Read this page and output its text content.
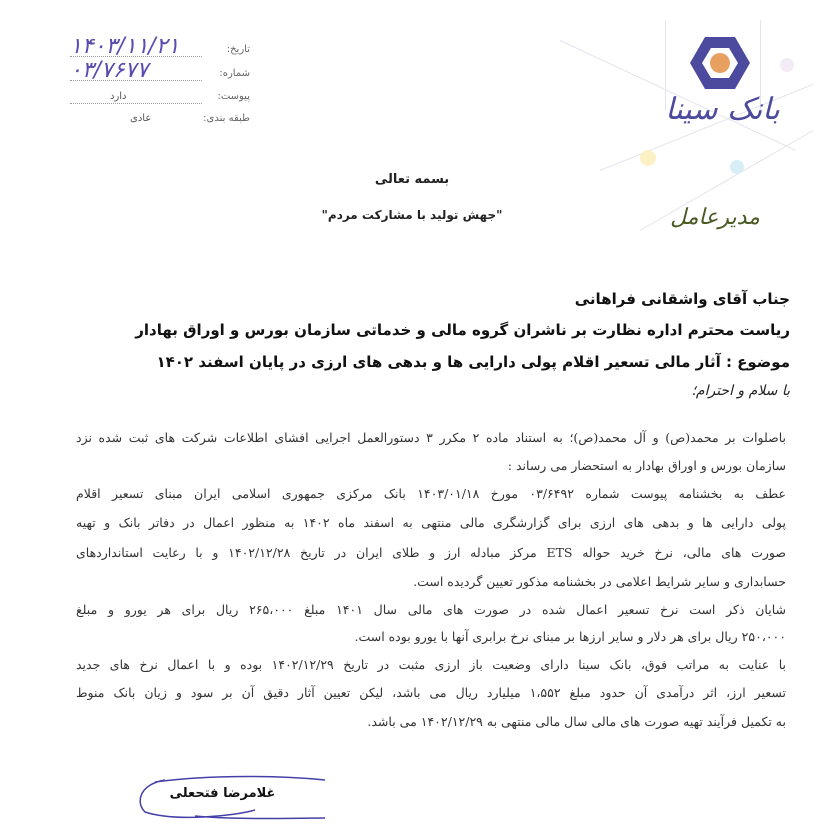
تاریخ:
۱۴۰۳/۱۱/۲۱
شماره:
۰۳/۷۶۷۷
پیوست:
دارد
طبقه بندی:
عادی	بانک سینا
مدیرعامل
بسمه تعالی
"جهش تولید با مشارکت مردم"
جناب آقای واشقانی فراهانی
ریاست محترم اداره نظارت بر ناشران گروه مالی و خدماتی سازمان بورس و اوراق بهادار
موضوع : آثار مالی تسعیر اقلام پولی دارایی ها و بدهی های ارزی در پایان اسفند ۱۴۰۲
با سلام و احترام؛
باصلوات بر محمد(ص) و آل محمد(ص)؛ به استناد ماده ۲ مکرر ۳ دستورالعمل اجرایی افشای اطلاعات شرکت های ثبت شده نزد
سازمان بورس و اوراق بهادار به استحضار می رساند :
عطف به بخشنامه پیوست شماره ۰۳/۶۴۹۲ مورخ ۱۴۰۳/۰۱/۱۸ بانک مرکزی جمهوری اسلامی ایران مبنای تسعیر اقلام
پولی دارایی ها و بدهی های ارزی برای گزارشگری مالی منتهی به اسفند ماه ۱۴۰۲ به منظور اعمال در دفاتر بانک و تهیه
صورت های مالی، نرخ خرید حواله ETS مرکز مبادله ارز و طلای ایران در تاریخ ۱۴۰۲/۱۲/۲۸ و با رعایت استانداردهای
حسابداری و سایر شرایط اعلامی در بخشنامه مذکور تعیین گردیده است.
شایان ذکر است نرخ تسعیر اعمال شده در صورت های مالی سال ۱۴۰۱ مبلغ ۲۶۵،۰۰۰ ریال برای هر یورو و مبلغ
۲۵۰،۰۰۰ ریال برای هر دلار و سایر ارزها بر مبنای نرخ برابری آنها با یورو بوده است.
با عنایت به مراتب فوق، بانک سینا دارای وضعیت باز ارزی مثبت در تاریخ ۱۴۰۲/۱۲/۲۹ بوده و با اعمال نرخ های جدید
تسعیر ارز، اثر درآمدی آن حدود مبلغ ۱،۵۵۲ میلیارد ریال می باشد، لیکن تعیین آثار دقیق آن بر سود و زیان بانک منوط
به تکمیل فرآیند تهیه صورت های مالی سال مالی منتهی به ۱۴۰۲/۱۲/۲۹ می باشد.
غلامرضا فتحعلی
